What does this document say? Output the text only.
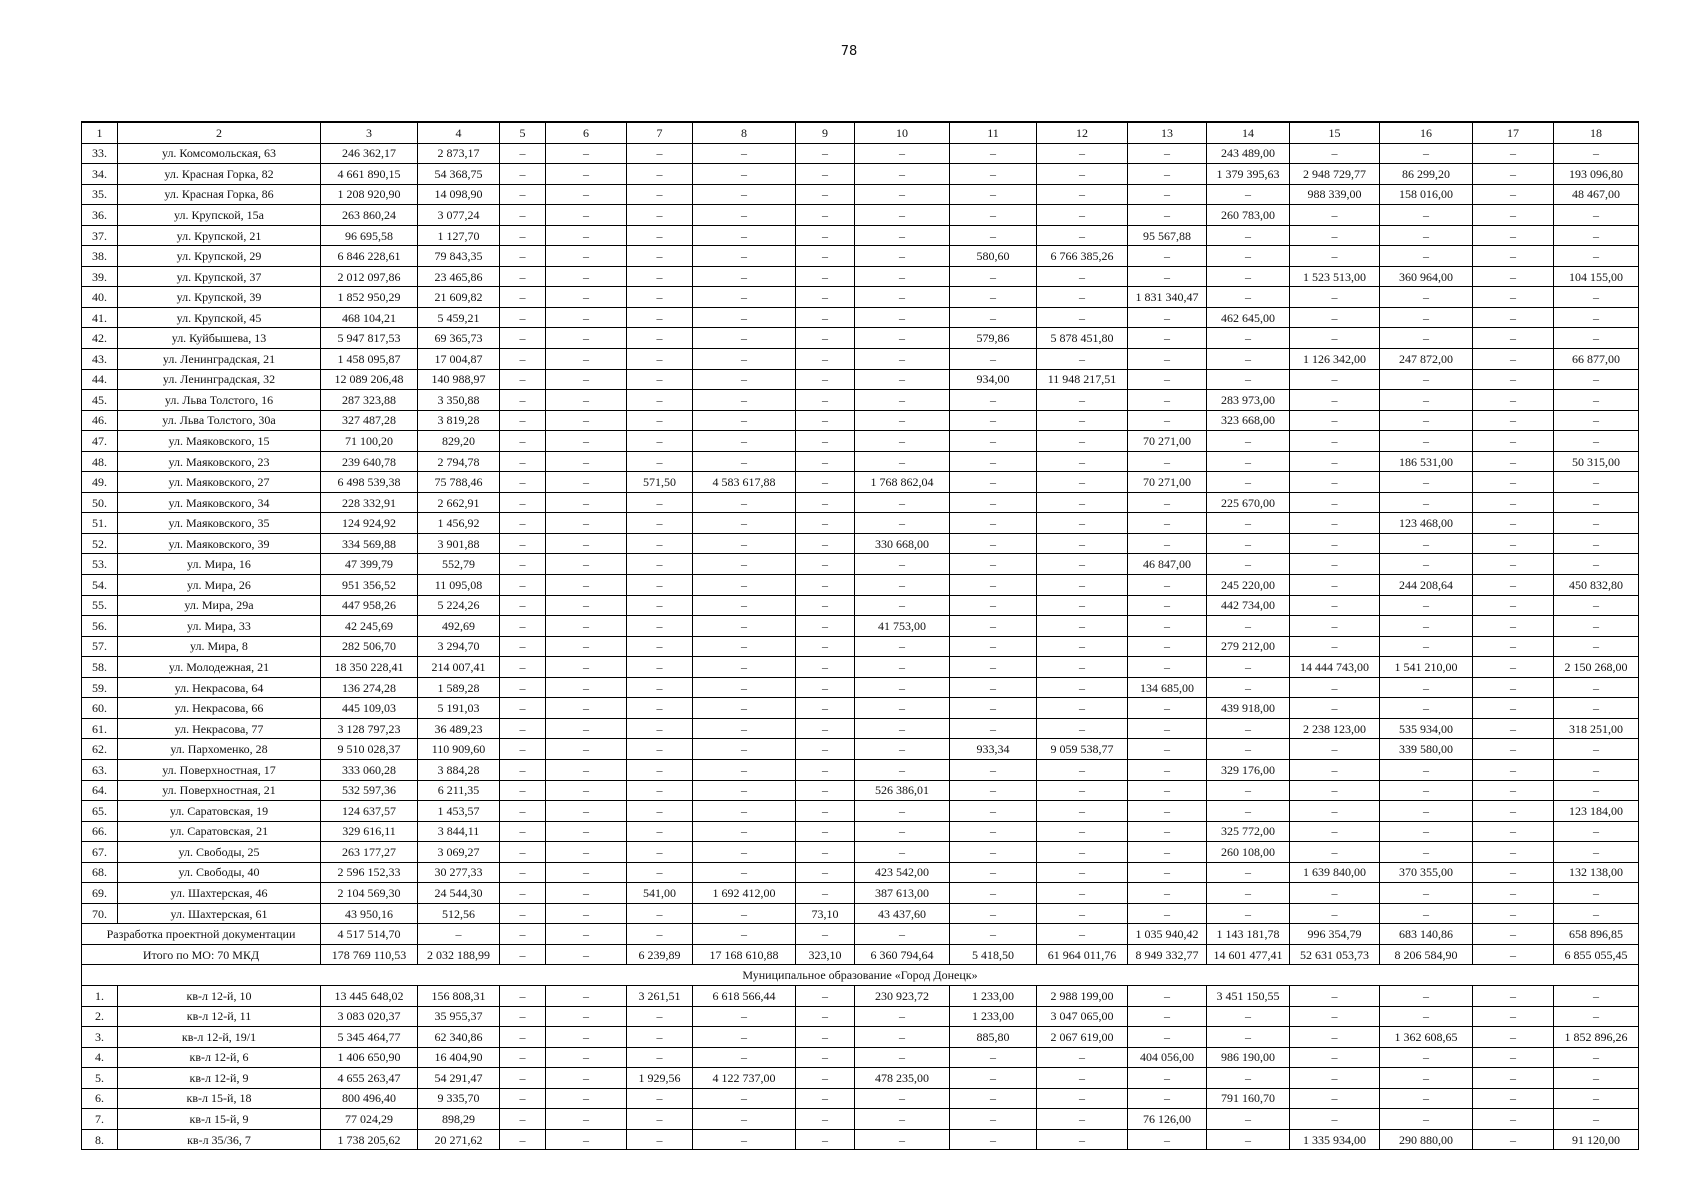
78
1	2	3	4	5	6	7	8	9	10	11	12	13	14	15	16	17	18
33.	ул. Комсомольская, 63	246 362,17	2 873,17	–	–	–	–	–	–	–	–	–	243 489,00	–	–	–	–
34.	ул. Красная Горка, 82	4 661 890,15	54 368,75	–	–	–	–	–	–	–	–	–	1 379 395,63	2 948 729,77	86 299,20	–	193 096,80
35.	ул. Красная Горка, 86	1 208 920,90	14 098,90	–	–	–	–	–	–	–	–	–	–	988 339,00	158 016,00	–	48 467,00
36.	ул. Крупской, 15а	263 860,24	3 077,24	–	–	–	–	–	–	–	–	–	260 783,00	–	–	–	–
37.	ул. Крупской, 21	96 695,58	1 127,70	–	–	–	–	–	–	–	–	95 567,88	–	–	–	–	–
38.	ул. Крупской, 29	6 846 228,61	79 843,35	–	–	–	–	–	–	580,60	6 766 385,26	–	–	–	–	–	–
39.	ул. Крупской, 37	2 012 097,86	23 465,86	–	–	–	–	–	–	–	–	–	–	1 523 513,00	360 964,00	–	104 155,00
40.	ул. Крупской, 39	1 852 950,29	21 609,82	–	–	–	–	–	–	–	–	1 831 340,47	–	–	–	–	–
41.	ул. Крупской, 45	468 104,21	5 459,21	–	–	–	–	–	–	–	–	–	462 645,00	–	–	–	–
42.	ул. Куйбышева, 13	5 947 817,53	69 365,73	–	–	–	–	–	–	579,86	5 878 451,80	–	–	–	–	–	–
43.	ул. Ленинградская, 21	1 458 095,87	17 004,87	–	–	–	–	–	–	–	–	–	–	1 126 342,00	247 872,00	–	66 877,00
44.	ул. Ленинградская, 32	12 089 206,48	140 988,97	–	–	–	–	–	–	934,00	11 948 217,51	–	–	–	–	–	–
45.	ул. Льва Толстого, 16	287 323,88	3 350,88	–	–	–	–	–	–	–	–	–	283 973,00	–	–	–	–
46.	ул. Льва Толстого, 30а	327 487,28	3 819,28	–	–	–	–	–	–	–	–	–	323 668,00	–	–	–	–
47.	ул. Маяковского, 15	71 100,20	829,20	–	–	–	–	–	–	–	–	70 271,00	–	–	–	–	–
48.	ул. Маяковского, 23	239 640,78	2 794,78	–	–	–	–	–	–	–	–	–	–	–	186 531,00	–	50 315,00
49.	ул. Маяковского, 27	6 498 539,38	75 788,46	–	–	571,50	4 583 617,88	–	1 768 862,04	–	–	70 271,00	–	–	–	–	–
50.	ул. Маяковского, 34	228 332,91	2 662,91	–	–	–	–	–	–	–	–	–	225 670,00	–	–	–	–
51.	ул. Маяковского, 35	124 924,92	1 456,92	–	–	–	–	–	–	–	–	–	–	–	123 468,00	–	–
52.	ул. Маяковского, 39	334 569,88	3 901,88	–	–	–	–	–	330 668,00	–	–	–	–	–	–	–	–
53.	ул. Мира, 16	47 399,79	552,79	–	–	–	–	–	–	–	–	46 847,00	–	–	–	–	–
54.	ул. Мира, 26	951 356,52	11 095,08	–	–	–	–	–	–	–	–	–	245 220,00	–	244 208,64	–	450 832,80
55.	ул. Мира, 29а	447 958,26	5 224,26	–	–	–	–	–	–	–	–	–	442 734,00	–	–	–	–
56.	ул. Мира, 33	42 245,69	492,69	–	–	–	–	–	41 753,00	–	–	–	–	–	–	–	–
57.	ул. Мира, 8	282 506,70	3 294,70	–	–	–	–	–	–	–	–	–	279 212,00	–	–	–	–
58.	ул. Молодежная, 21	18 350 228,41	214 007,41	–	–	–	–	–	–	–	–	–	–	14 444 743,00	1 541 210,00	–	2 150 268,00
59.	ул. Некрасова, 64	136 274,28	1 589,28	–	–	–	–	–	–	–	–	134 685,00	–	–	–	–	–
60.	ул. Некрасова, 66	445 109,03	5 191,03	–	–	–	–	–	–	–	–	–	439 918,00	–	–	–	–
61.	ул. Некрасова, 77	3 128 797,23	36 489,23	–	–	–	–	–	–	–	–	–	–	2 238 123,00	535 934,00	–	318 251,00
62.	ул. Пархоменко, 28	9 510 028,37	110 909,60	–	–	–	–	–	–	933,34	9 059 538,77	–	–	–	339 580,00	–	–
63.	ул. Поверхностная, 17	333 060,28	3 884,28	–	–	–	–	–	–	–	–	–	329 176,00	–	–	–	–
64.	ул. Поверхностная, 21	532 597,36	6 211,35	–	–	–	–	–	526 386,01	–	–	–	–	–	–	–	–
65.	ул. Саратовская, 19	124 637,57	1 453,57	–	–	–	–	–	–	–	–	–	–	–	–	–	123 184,00
66.	ул. Саратовская, 21	329 616,11	3 844,11	–	–	–	–	–	–	–	–	–	325 772,00	–	–	–	–
67.	ул. Свободы, 25	263 177,27	3 069,27	–	–	–	–	–	–	–	–	–	260 108,00	–	–	–	–
68.	ул. Свободы, 40	2 596 152,33	30 277,33	–	–	–	–	–	423 542,00	–	–	–	–	1 639 840,00	370 355,00	–	132 138,00
69.	ул. Шахтерская, 46	2 104 569,30	24 544,30	–	–	541,00	1 692 412,00	–	387 613,00	–	–	–	–	–	–	–	–
70.	ул. Шахтерская, 61	43 950,16	512,56	–	–	–	–	73,10	43 437,60	–	–	–	–	–	–	–	–
Разработка проектной документации		4 517 514,70	–	–	–	–	–	–	–	–	–	1 035 940,42	1 143 181,78	996 354,79	683 140,86	–	658 896,85
Итого по МО: 70 МКД		178 769 110,53	2 032 188,99	–	–	6 239,89	17 168 610,88	323,10	6 360 794,64	5 418,50	61 964 011,76	8 949 332,77	14 601 477,41	52 631 053,73	8 206 584,90	–	6 855 055,45
Муниципальное образование «Город Донецк»																	
1.	кв-л 12-й, 10	13 445 648,02	156 808,31	–	–	3 261,51	6 618 566,44	–	230 923,72	1 233,00	2 988 199,00	–	3 451 150,55	–	–	–	–
2.	кв-л 12-й, 11	3 083 020,37	35 955,37	–	–	–	–	–	–	1 233,00	3 047 065,00	–	–	–	–	–	–
3.	кв-л 12-й, 19/1	5 345 464,77	62 340,86	–	–	–	–	–	–	885,80	2 067 619,00	–	–	–	1 362 608,65	–	1 852 896,26
4.	кв-л 12-й, 6	1 406 650,90	16 404,90	–	–	–	–	–	–	–	–	404 056,00	986 190,00	–	–	–	–
5.	кв-л 12-й, 9	4 655 263,47	54 291,47	–	–	1 929,56	4 122 737,00	–	478 235,00	–	–	–	–	–	–	–	–
6.	кв-л 15-й, 18	800 496,40	9 335,70	–	–	–	–	–	–	–	–	–	791 160,70	–	–	–	–
7.	кв-л 15-й, 9	77 024,29	898,29	–	–	–	–	–	–	–	–	76 126,00	–	–	–	–	–
8.	кв-л 35/36, 7	1 738 205,62	20 271,62	–	–	–	–	–	–	–	–	–	–	1 335 934,00	290 880,00	–	91 120,00
